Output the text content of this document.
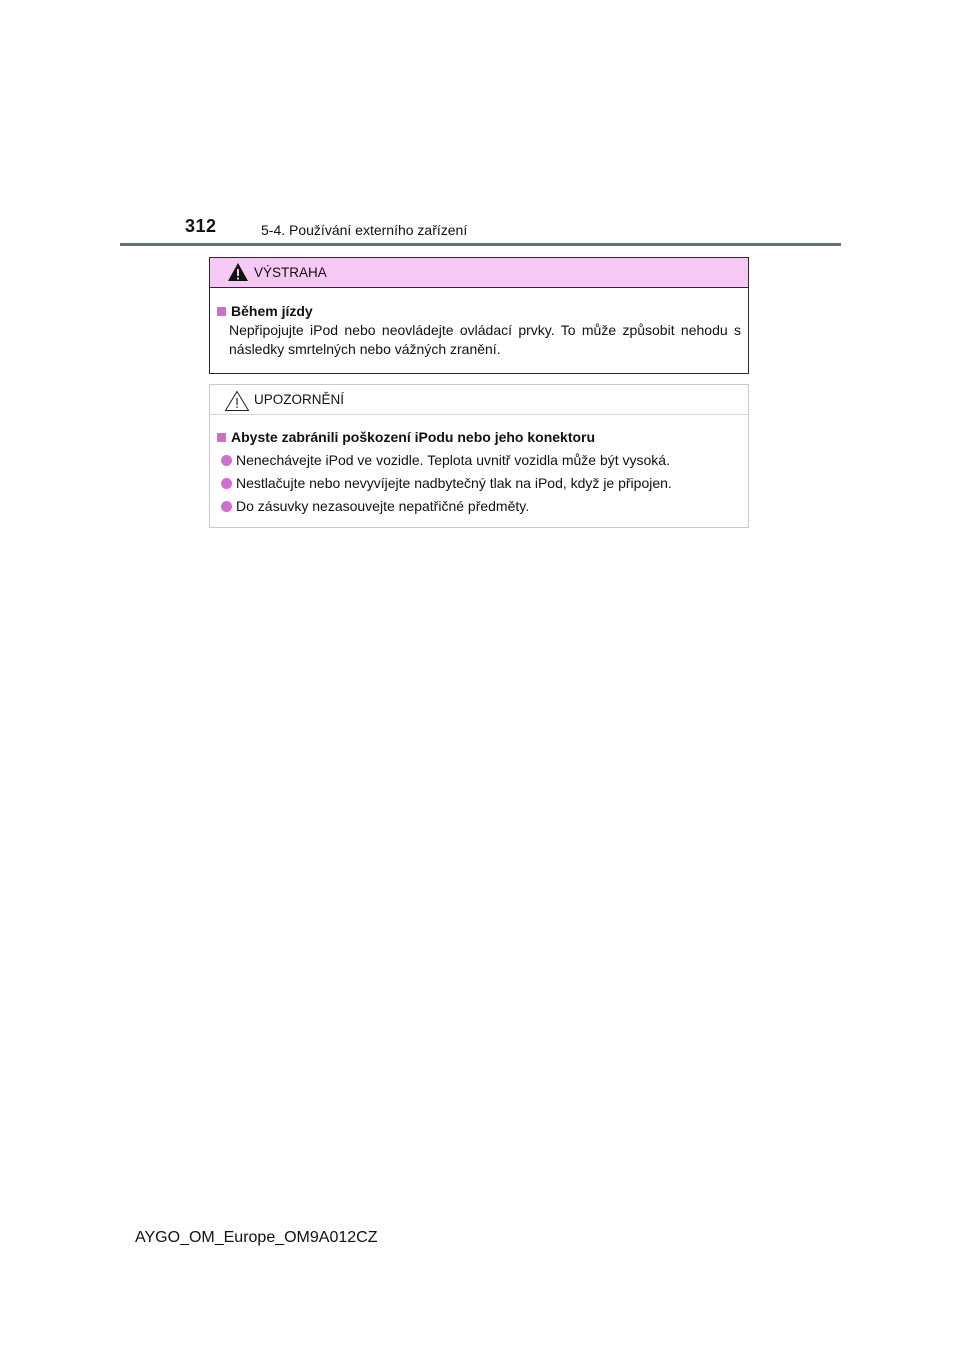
312	5-4. Používání externího zařízení
VÝSTRAHA
Během jízdy
Nepřipojujte iPod nebo neovládejte ovládací prvky. To může způsobit nehodu s následky smrtelných nebo vážných zranění.
UPOZORNĚNÍ
Abyste zabránili poškození iPodu nebo jeho konektoru
Nenechávejte iPod ve vozidle. Teplota uvnitř vozidla může být vysoká.
Nestlačujte nebo nevyvíjejte nadbytečný tlak na iPod, když je připojen.
Do zásuvky nezasouvejte nepatřičné předměty.
AYGO_OM_Europe_OM9A012CZ
